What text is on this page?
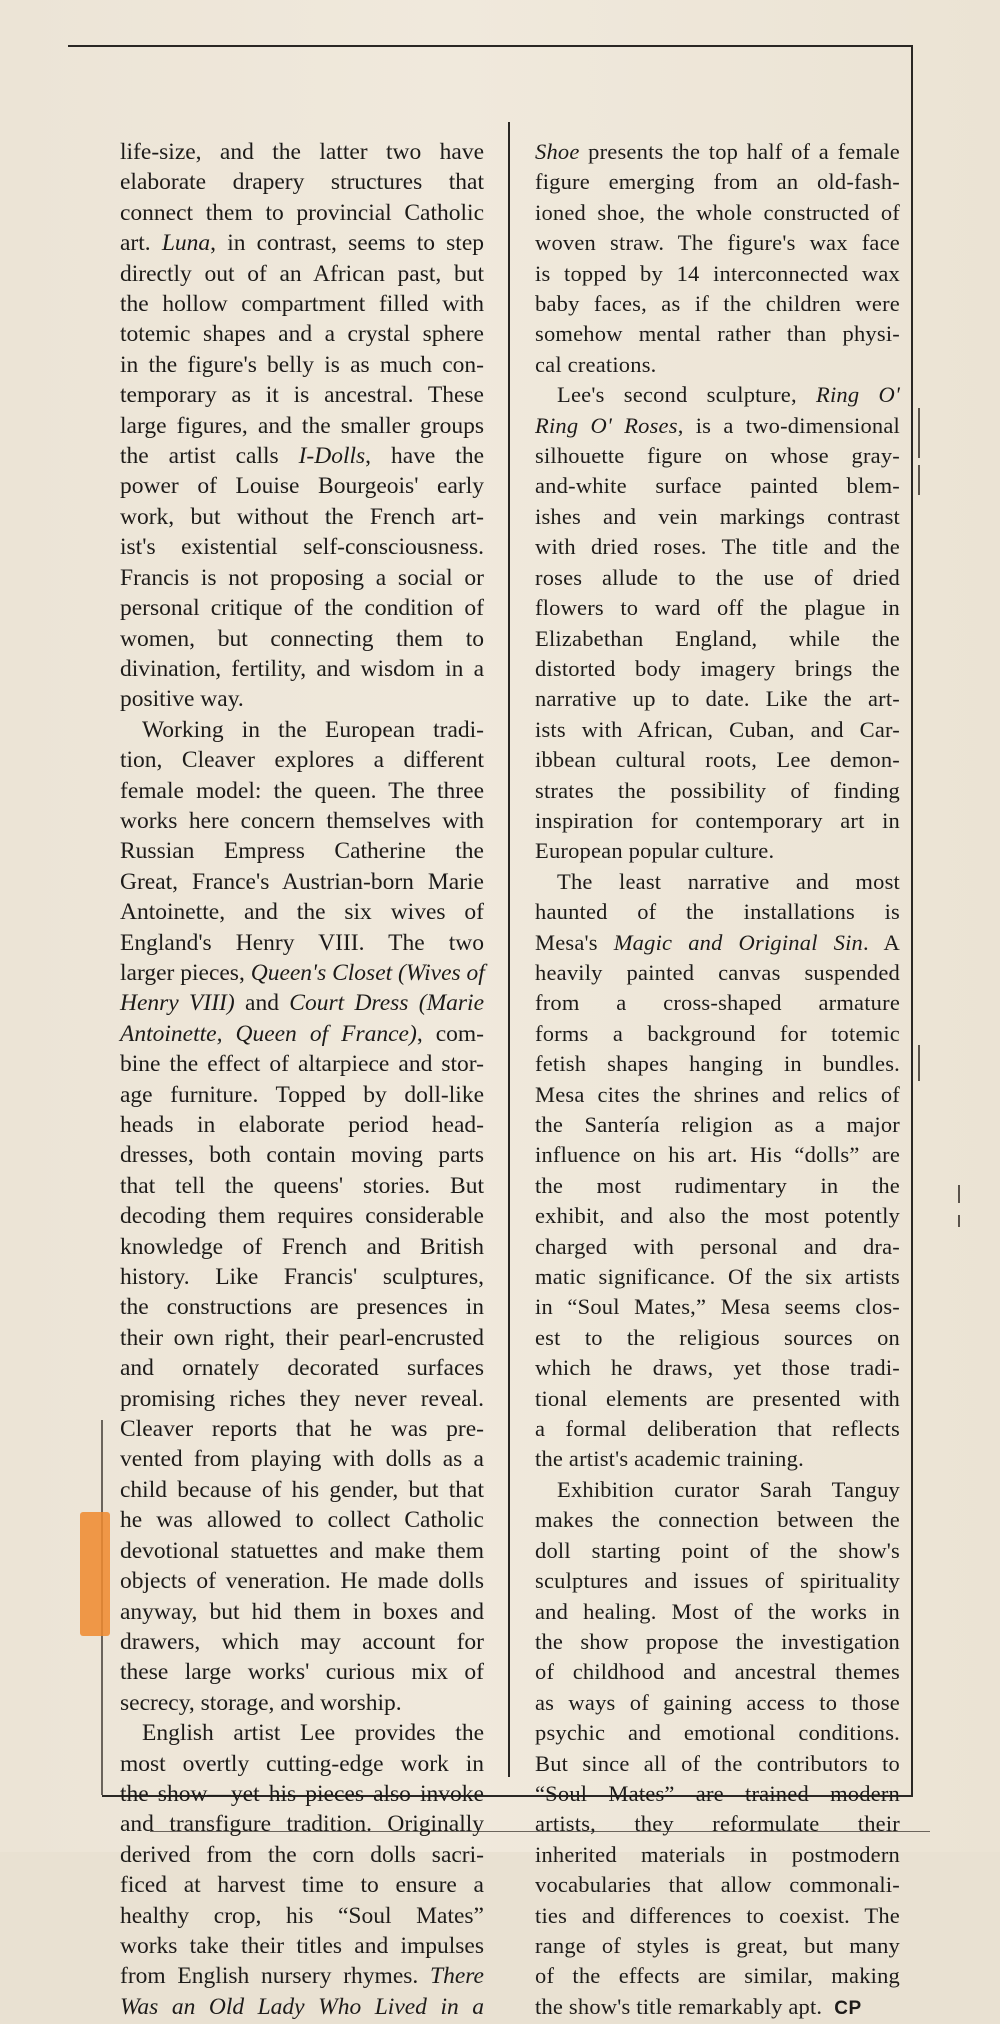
life-size, and the latter two have
elaborate drapery structures that
connect them to provincial Catholic
art. Luna, in contrast, seems to step
directly out of an African past, but
the hollow compartment filled with
totemic shapes and a crystal sphere
in the figure's belly is as much con-
temporary as it is ancestral. These
large figures, and the smaller groups
the artist calls I-Dolls, have the
power of Louise Bourgeois' early
work, but without the French art-
ist's existential self-consciousness.
Francis is not proposing a social or
personal critique of the condition of
women, but connecting them to
divination, fertility, and wisdom in a
positive way.
Working in the European tradi-
tion, Cleaver explores a different
female model: the queen. The three
works here concern themselves with
Russian Empress Catherine the
Great, France's Austrian-born Marie
Antoinette, and the six wives of
England's Henry VIII. The two
larger pieces, Queen's Closet (Wives of
Henry VIII) and Court Dress (Marie
Antoinette, Queen of France), com-
bine the effect of altarpiece and stor-
age furniture. Topped by doll-like
heads in elaborate period head-
dresses, both contain moving parts
that tell the queens' stories. But
decoding them requires considerable
knowledge of French and British
history. Like Francis' sculptures,
the constructions are presences in
their own right, their pearl-encrusted
and ornately decorated surfaces
promising riches they never reveal.
Cleaver reports that he was pre-
vented from playing with dolls as a
child because of his gender, but that
he was allowed to collect Catholic
devotional statuettes and make them
objects of veneration. He made dolls
anyway, but hid them in boxes and
drawers, which may account for
these large works' curious mix of
secrecy, storage, and worship.
English artist Lee provides the
most overtly cutting-edge work in
the show—yet his pieces also invoke
and transfigure tradition. Originally
derived from the corn dolls sacri-
ficed at harvest time to ensure a
healthy crop, his “Soul Mates”
works take their titles and impulses
from English nursery rhymes. There
Was an Old Lady Who Lived in a
Shoe presents the top half of a female
figure emerging from an old-fash-
ioned shoe, the whole constructed of
woven straw. The figure's wax face
is topped by 14 interconnected wax
baby faces, as if the children were
somehow mental rather than physi-
cal creations.
Lee's second sculpture, Ring O'
Ring O' Roses, is a two-dimensional
silhouette figure on whose gray-
and-white surface painted blem-
ishes and vein markings contrast
with dried roses. The title and the
roses allude to the use of dried
flowers to ward off the plague in
Elizabethan England, while the
distorted body imagery brings the
narrative up to date. Like the art-
ists with African, Cuban, and Car-
ibbean cultural roots, Lee demon-
strates the possibility of finding
inspiration for contemporary art in
European popular culture.
The least narrative and most
haunted of the installations is
Mesa's Magic and Original Sin. A
heavily painted canvas suspended
from a cross-shaped armature
forms a background for totemic
fetish shapes hanging in bundles.
Mesa cites the shrines and relics of
the Santería religion as a major
influence on his art. His “dolls” are
the most rudimentary in the
exhibit, and also the most potently
charged with personal and dra-
matic significance. Of the six artists
in “Soul Mates,” Mesa seems clos-
est to the religious sources on
which he draws, yet those tradi-
tional elements are presented with
a formal deliberation that reflects
the artist's academic training.
Exhibition curator Sarah Tanguy
makes the connection between the
doll starting point of the show's
sculptures and issues of spirituality
and healing. Most of the works in
the show propose the investigation
of childhood and ancestral themes
as ways of gaining access to those
psychic and emotional conditions.
But since all of the contributors to
“Soul Mates” are trained modern
artists, they reformulate their
inherited materials in postmodern
vocabularies that allow commonali-
ties and differences to coexist. The
range of styles is great, but many
of the effects are similar, making
the show's title remarkably apt. CP
